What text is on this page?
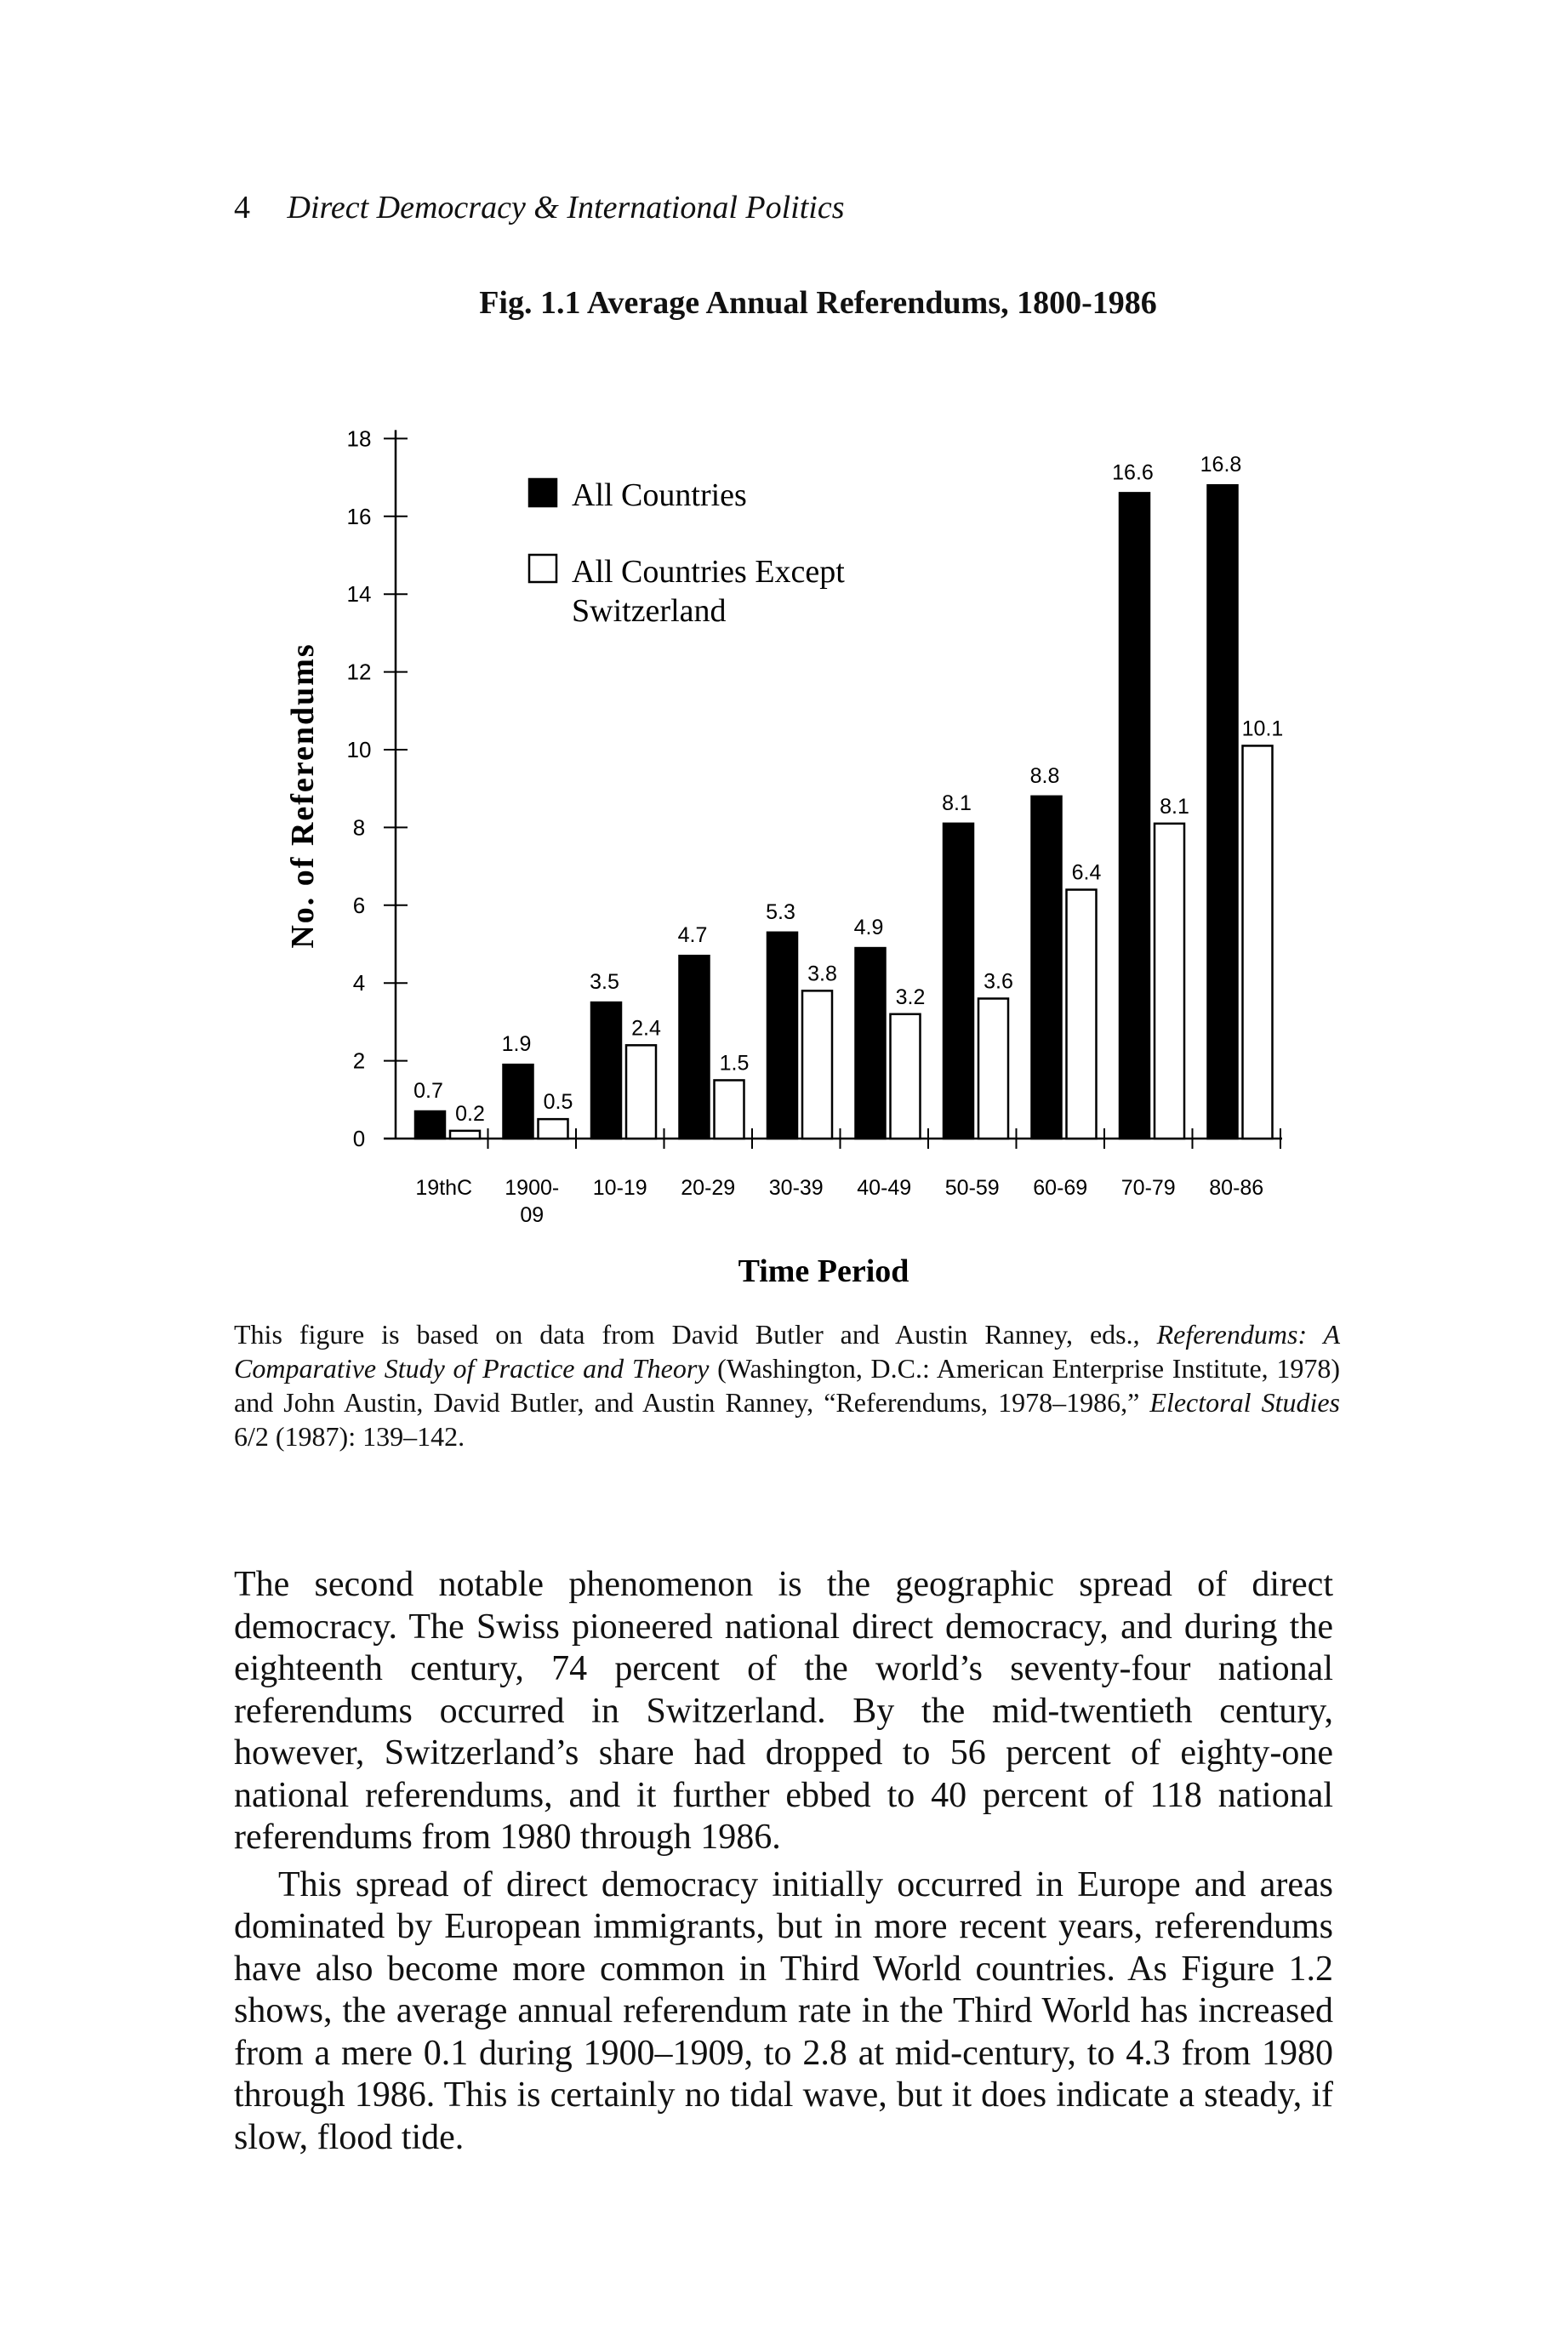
4 Direct Democracy & International Politics
Fig. 1.1 Average Annual Referendums, 1800-1986
0
2
4
6
8
10
12
14
16
18
19thC 1900-09
10-19 20-29 30-39 40-49 50-59 60-69 70-79 80-86
0.7
1.9
3.5
4.7
5.3
4.9
8.1
8.8
16.6 16.8
0.2	0.5
2.4
1.5
3.8
3.2
3.6
6.4
8.1
10.1
All Countries
All Countries Except Switzerland
No. of Referendums
Time Period
This figure is based on data from David Butler and Austin Ranney, eds., Referendums: A Comparative Study of Practice and Theory (Washington, D.C.: American Enterprise Institute, 1978) and John Austin, David Butler, and Austin Ranney, “Referendums, 1978–1986,” Electoral Studies 6/2 (1987): 139–142.

The second notable phenomenon is the geographic spread of direct democracy. The Swiss pioneered national direct democracy, and during the eighteenth century, 74 percent of the world’s seventy-four national referendums occurred in Switzerland. By the mid-twentieth century, however, Switzerland’s share had dropped to 56 percent of eighty-one national referendums, and it further ebbed to 40 percent of 118 national referendums from 1980 through 1986.

This spread of direct democracy initially occurred in Europe and areas dominated by European immigrants, but in more recent years, referendums have also become more common in Third World countries. As Figure 1.2 shows, the average annual referendum rate in the Third World has increased from a mere 0.1 during 1900–1909, to 2.8 at mid-century, to 4.3 from 1980 through 1986. This is certainly no tidal wave, but it does indicate a steady, if slow, flood tide.
